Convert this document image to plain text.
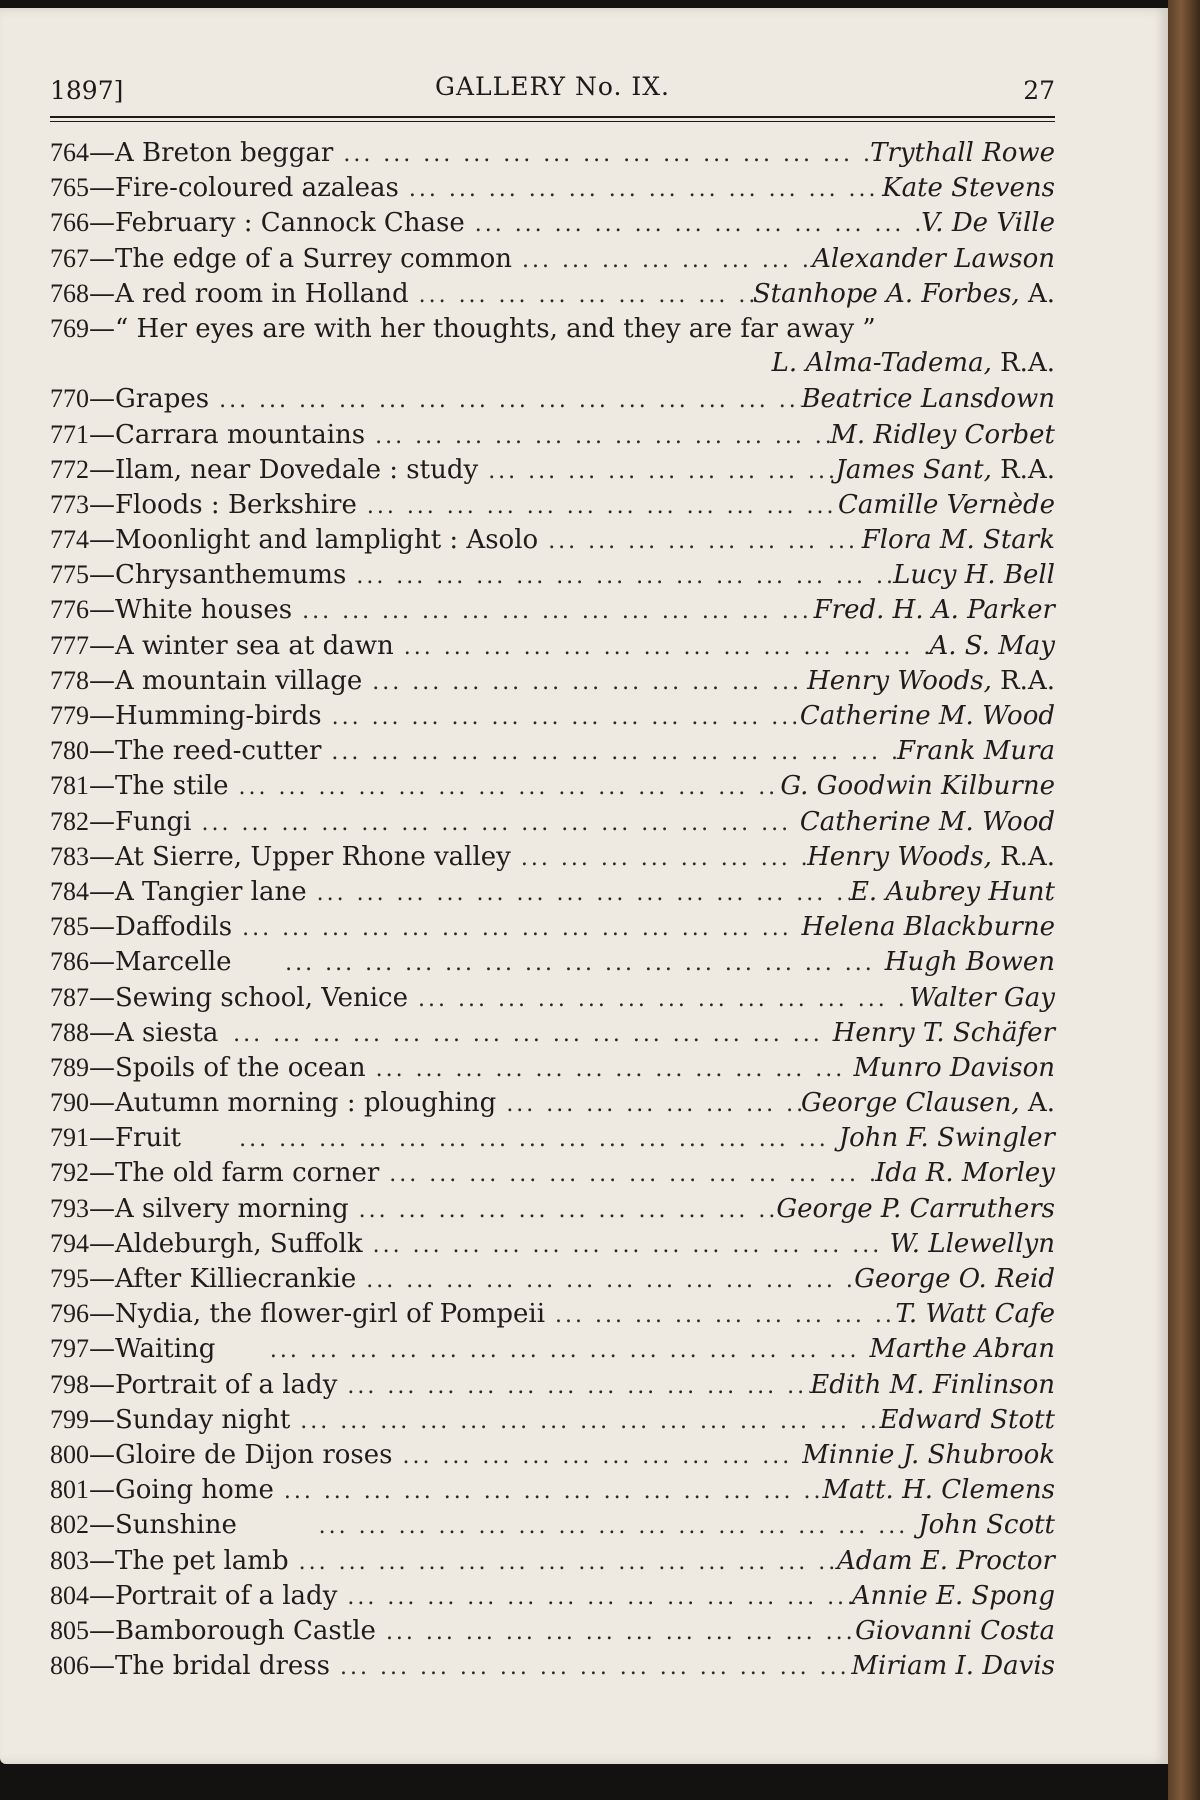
1897]	GALLERY No. IX.	27
764 — A Breton beggar ...	Trythall Rowe
765 — Fire-coloured azaleas ...	Kate Stevens
766 — February : Cannock Chase ...	V. De Ville
767 — The edge of a Surrey common ...	Alexander Lawson
768 — A red room in Holland ...	Stanhope A. Forbes, A.
769 — “ Her eyes are with her thoughts, and they are far away ”
L. Alma-Tadema, R.A.
770 — Grapes ...	Beatrice Lansdown
771 — Carrara mountains ...	M. Ridley Corbet
772 — Ilam, near Dovedale : study ...	James Sant, R.A.
773 — Floods : Berkshire ...	Camille Vernède
774 — Moonlight and lamplight : Asolo ...	Flora M. Stark
775 — Chrysanthemums ...	Lucy H. Bell
776 — White houses ...	Fred. H. A. Parker
777 — A winter sea at dawn ...	A. S. May
778 — A mountain village ...	Henry Woods, R.A.
779 — Humming-birds ...	Catherine M. Wood
780 — The reed-cutter ...	Frank Mura
781 — The stile ...	G. Goodwin Kilburne
782 — Fungi ...	Catherine M. Wood
783 — At Sierre, Upper Rhone valley ...	Henry Woods, R.A.
784 — A Tangier lane ...	E. Aubrey Hunt
785 — Daffodils ...	Helena Blackburne
786 — Marcelle ...	Hugh Bowen
787 — Sewing school, Venice ...	Walter Gay
788 — A siesta ...	Henry T. Schäfer
789 — Spoils of the ocean ...	Munro Davison
790 — Autumn morning : ploughing ...	George Clausen, A.
791 — Fruit ...	John F. Swingler
792 — The old farm corner ...	Ida R. Morley
793 — A silvery morning ...	George P. Carruthers
794 — Aldeburgh, Suffolk ...	W. Llewellyn
795 — After Killiecrankie ...	George O. Reid
796 — Nydia, the flower-girl of Pompeii ...	T. Watt Cafe
797 — Waiting ...	Marthe Abran
798 — Portrait of a lady ...	Edith M. Finlinson
799 — Sunday night ...	Edward Stott
800 — Gloire de Dijon roses ...	Minnie J. Shubrook
801 — Going home ...	Matt. H. Clemens
802 — Sunshine ...	John Scott
803 — The pet lamb ...	Adam E. Proctor
804 — Portrait of a lady ...	Annie E. Spong
805 — Bamborough Castle ...	Giovanni Costa
806 — The bridal dress ...	Miriam I. Davis
